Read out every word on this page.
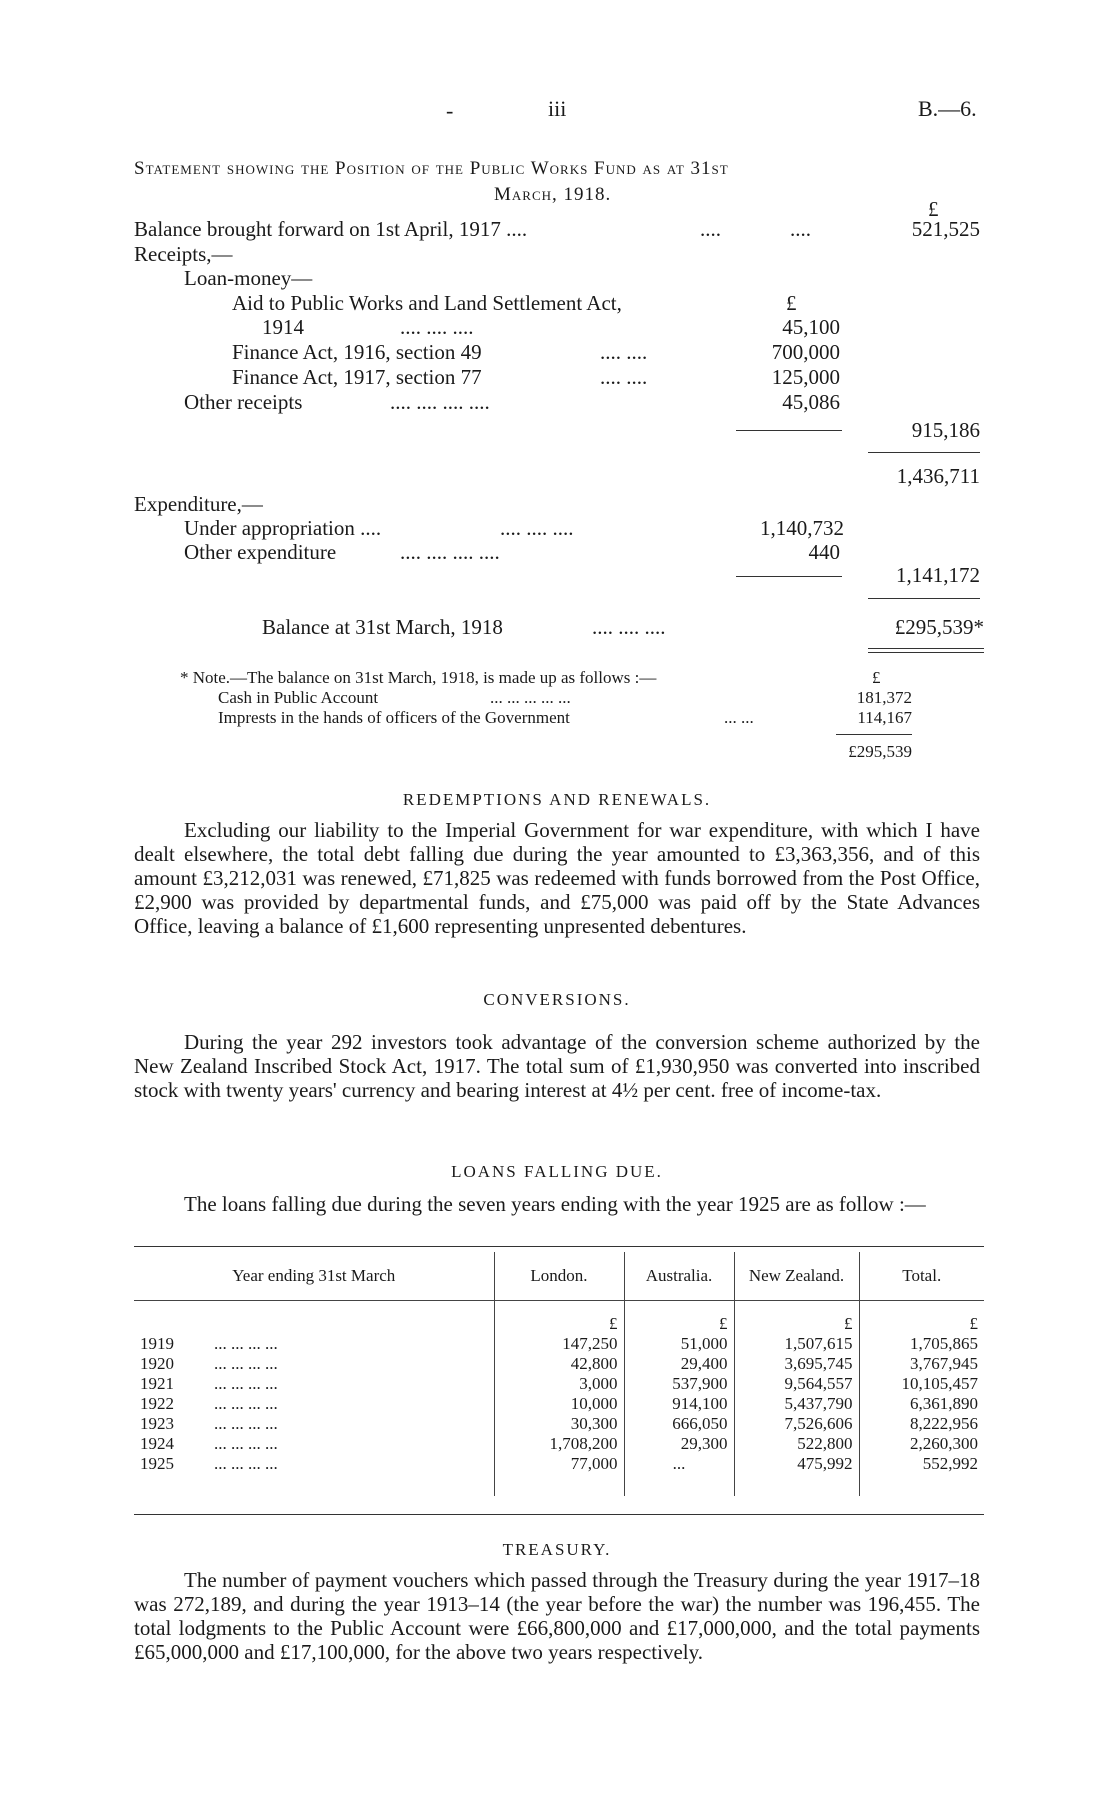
-	iii	B.—6.
Statement showing the Position of the Public Works Fund as at 31st
March, 1918.
£
Balance brought forward on 1st April, 1917 ....	....	....	521,525
Receipts,—
Loan-money—
Aid to Public Works and Land Settlement Act,	£
1914	.... .... ....	45,100
Finance Act, 1916, section 49	.... ....	700,000
Finance Act, 1917, section 77	.... ....	125,000
Other receipts	.... .... .... ....	45,086
915,186
1,436,711
Expenditure,—
Under appropriation ....	.... .... ....	1,140,732
Other expenditure	.... .... .... ....	440
1,141,172
Balance at 31st March, 1918	.... .... ....	£295,539*
* Note.—The balance on 31st March, 1918, is made up as follows :—	£
Cash in Public Account	... ... ... ... ...	181,372
Imprests in the hands of officers of the Government	... ...	114,167
£295,539
REDEMPTIONS AND RENEWALS.
Excluding our liability to the Imperial Government for war expenditure, with which I have dealt elsewhere, the total debt falling due during the year amounted to £3,363,356, and of this amount £3,212,031 was renewed, £71,825 was redeemed with funds borrowed from the Post Office, £2,900 was provided by departmental funds, and £75,000 was paid off by the State Advances Office, leaving a balance of £1,600 representing unpresented debentures.
CONVERSIONS.
During the year 292 investors took advantage of the conversion scheme authorized by the New Zealand Inscribed Stock Act, 1917. The total sum of £1,930,950 was converted into inscribed stock with twenty years' currency and bearing interest at 4½ per cent. free of income-tax.
LOANS FALLING DUE.
The loans falling due during the seven years ending with the year 1925 are as follow :—
Year ending 31st March	London.	Australia.	New Zealand.	Total.

	£	£	£	£
1919 ... ... ... ...	147,250	51,000	1,507,615	1,705,865
1920 ... ... ... ...	42,800	29,400	3,695,745	3,767,945
1921 ... ... ... ...	3,000	537,900	9,564,557	10,105,457
1922 ... ... ... ...	10,000	914,100	5,437,790	6,361,890
1923 ... ... ... ...	30,300	666,050	7,526,606	8,222,956
1924 ... ... ... ...	1,708,200	29,300	522,800	2,260,300
1925 ... ... ... ...	77,000	...	475,992	552,992

TREASURY.
The number of payment vouchers which passed through the Treasury during the year 1917–18 was 272,189, and during the year 1913–14 (the year before the war) the number was 196,455. The total lodgments to the Public Account were £66,800,000 and £17,000,000, and the total payments £65,000,000 and £17,100,000, for the above two years respectively.
